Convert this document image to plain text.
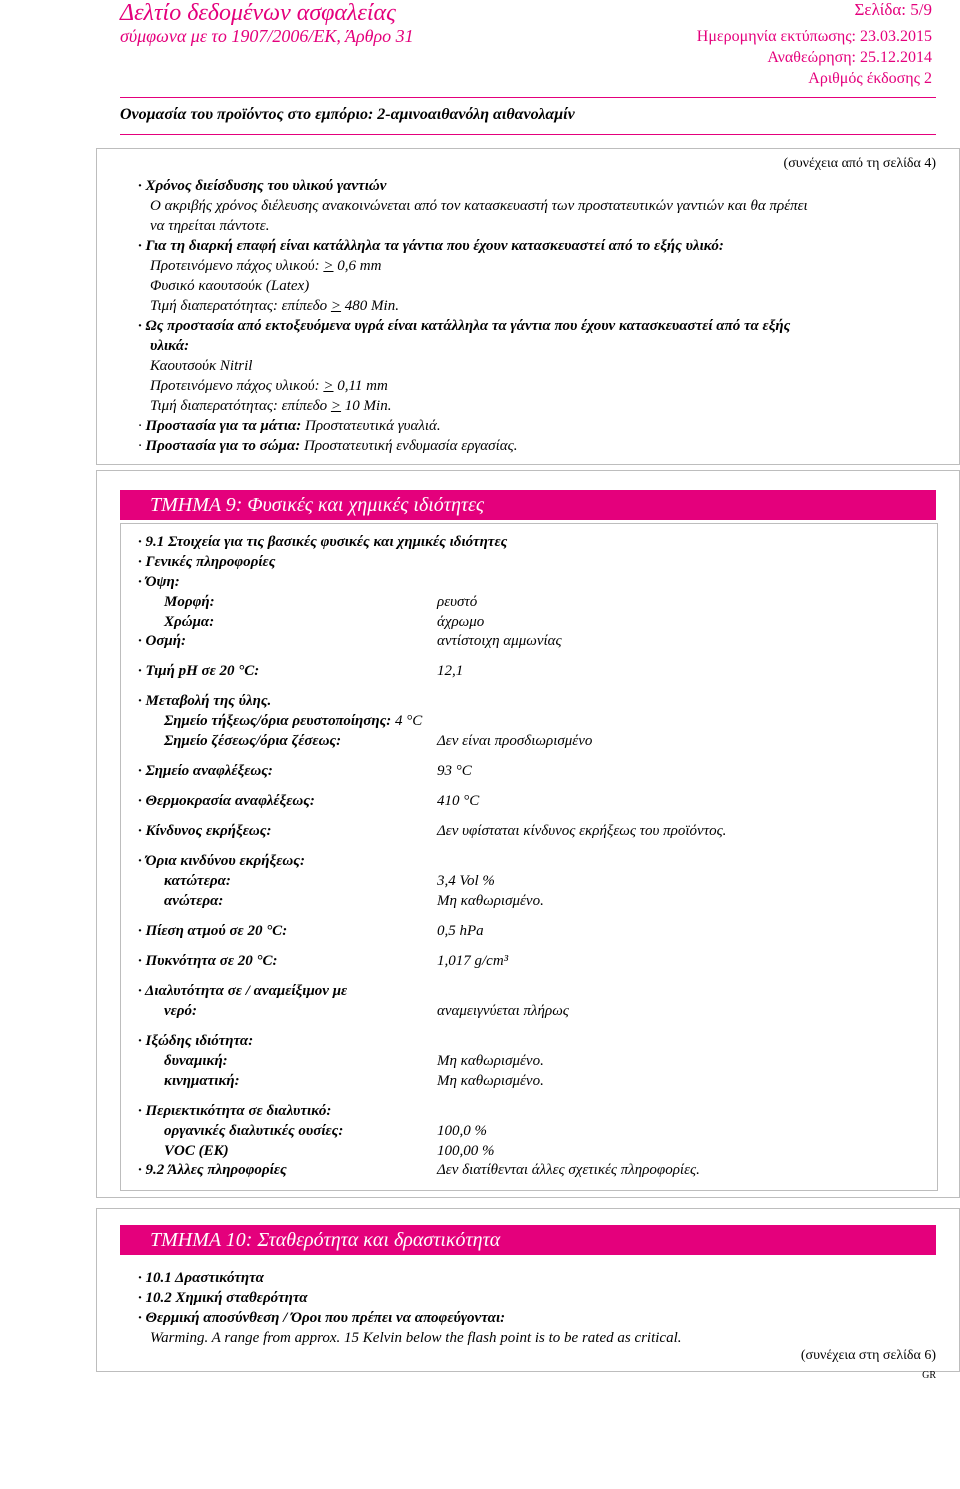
Δελτίο δεδομένων ασφαλείας
σύμφωνα με το 1907/2006/ΕΚ, Άρθρο 31
Σελίδα: 5/9
Ημερομηνία εκτύπωσης: 23.03.2015
Αναθεώρηση: 25.12.2014
Αριθμός έκδοσης 2
Ονομασία του προϊόντος στο εμπόριο: 2-αμινοαιθανόλη αιθανολαμίν
(συνέχεια από τη σελίδα 4)
· Χρόνος διείσδυσης του υλικού γαντιών
Ο ακριβής χρόνος διέλευσης ανακοινώνεται από τον κατασκευαστή των προστατευτικών γαντιών και θα πρέπει
να τηρείται πάντοτε.
· Για τη διαρκή επαφή είναι κατάλληλα τα γάντια που έχουν κατασκευαστεί από το εξής υλικό:
Προτεινόμενο πάχος υλικού: > 0,6 mm
Φυσικό καουτσούκ (Latex)
Τιμή διαπερατότητας: επίπεδο > 480 Min.
· Ως προστασία από εκτοξευόμενα υγρά είναι κατάλληλα τα γάντια που έχουν κατασκευαστεί από τα εξής
υλικά:
Καουτσούκ Nitril
Προτεινόμενο πάχος υλικού: > 0,11 mm
Τιμή διαπερατότητας: επίπεδο > 10 Min.
· Προστασία για τα μάτια: Προστατευτικά γυαλιά.
· Προστασία για το σώμα: Προστατευτική ενδυμασία εργασίας.
ΤΜΗΜΑ 9: Φυσικές και χημικές ιδιότητες
· 9.1 Στοιχεία για τις βασικές φυσικές και χημικές ιδιότητες
· Γενικές πληροφορίες
· Όψη:
Μορφή:	ρευστό
Χρώμα:	άχρωμο
· Οσμή:	αντίστοιχη αμμωνίας
· Τιμή pH σε 20 °C:	12,1
· Μεταβολή της ύλης.
Σημείο τήξεως/όρια ρευστοποίησης: 4 °C
Σημείο ζέσεως/όρια ζέσεως:	Δεν είναι προσδιωρισμένο
· Σημείο αναφλέξεως:	93 °C
· Θερμοκρασία αναφλέξεως:	410 °C
· Κίνδυνος εκρήξεως:	Δεν υφίσταται κίνδυνος εκρήξεως του προϊόντος.
· Όρια κινδύνου εκρήξεως:
κατώτερα:	3,4 Vol %
ανώτερα:	Μη καθωρισμένο.
· Πίεση ατμού σε 20 °C:	0,5 hPa
· Πυκνότητα σε 20 °C:	1,017 g/cm³
· Διαλυτότητα σε / αναμείξιμον με
νερό:	αναμειγνύεται πλήρως
· Ιξώδης ιδιότητα:
δυναμική:	Μη καθωρισμένο.
κινηματική:	Μη καθωρισμένο.
· Περιεκτικότητα σε διαλυτικό:
οργανικές διαλυτικές ουσίες:	100,0 %
VOC (EK)	100,00 %
· 9.2 Άλλες πληροφορίες	Δεν διατίθενται άλλες σχετικές πληροφορίες.
ΤΜΗΜΑ 10: Σταθερότητα και δραστικότητα
· 10.1 Δραστικότητα
· 10.2 Χημική σταθερότητα
· Θερμική αποσύνθεση / Όροι που πρέπει να αποφεύγονται:
Warming. A range from approx. 15 Kelvin below the flash point is to be rated as critical.
(συνέχεια στη σελίδα 6)
GR
